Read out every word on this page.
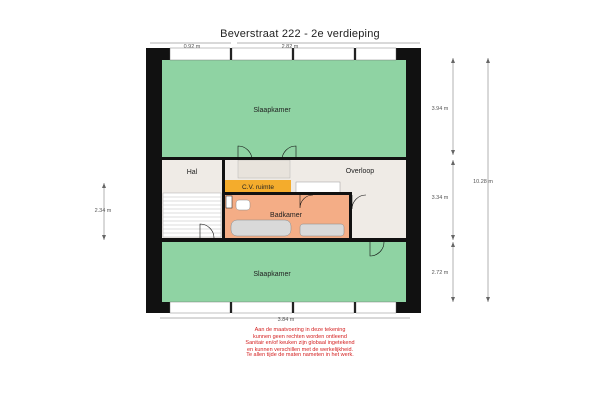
Beverstraat 222 - 2e verdieping
0.92 m	2.82 m
3.84 m
3.94 m
3.34 m
2.72 m
10.28 m
2.34 m
Slaapkamer
Hal
C.V. ruimte
Overloop
Badkamer
Slaapkamer
Aan de maatvoering in deze tekening
kunnen geen rechten worden ontleend
Sanitair en/of keuken zijn globaal ingetekend
en kunnen verschillen met de werkelijkheid.
Te allen tijde de maten nameten in het werk.
